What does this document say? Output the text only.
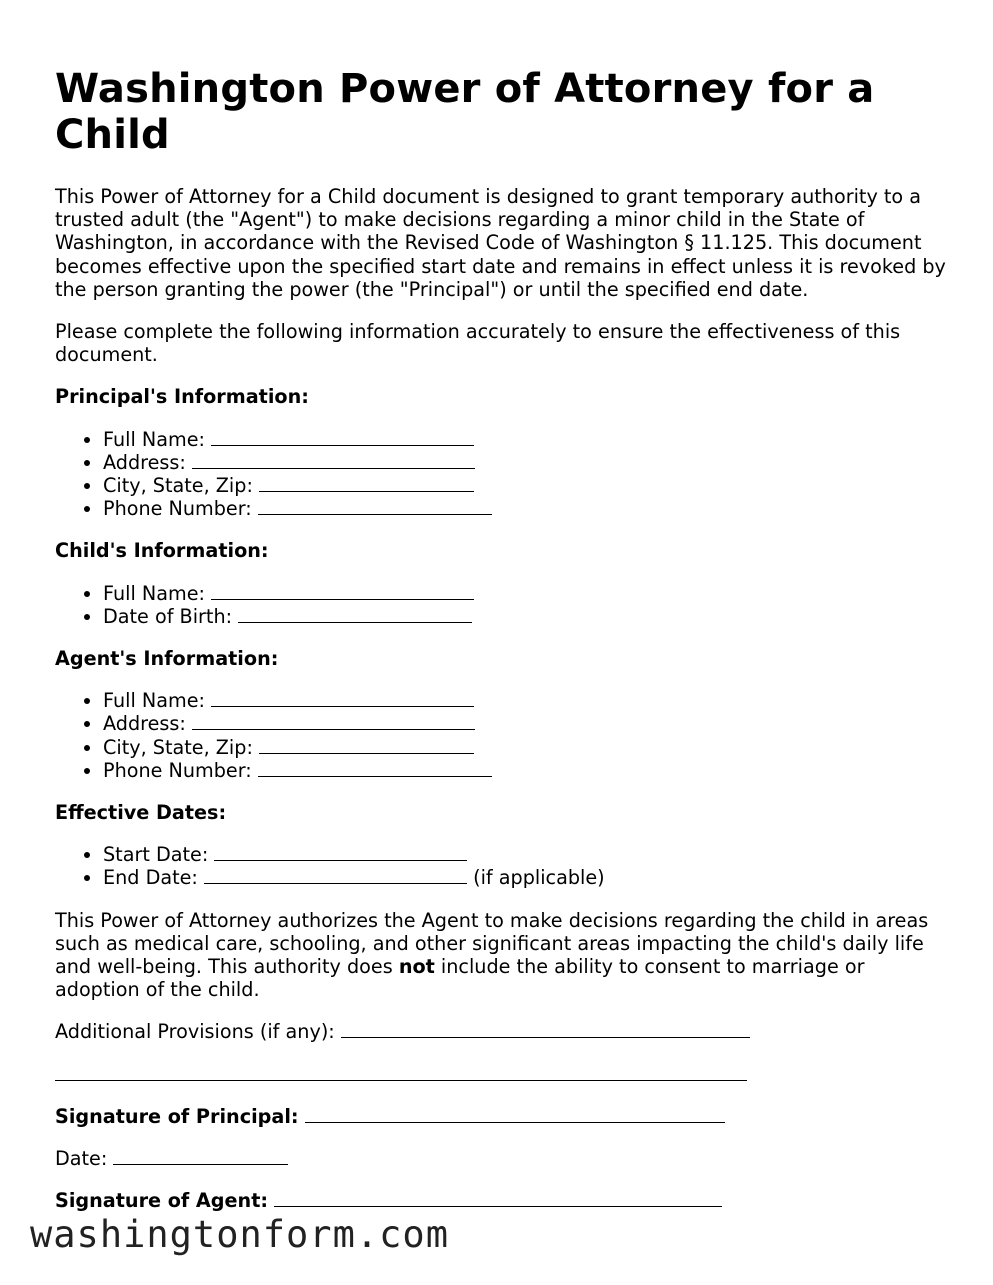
Washington Power of Attorney for a Child

This Power of Attorney for a Child document is designed to grant temporary authority to a trusted adult (the "Agent") to make decisions regarding a minor child in the State of Washington, in accordance with the Revised Code of Washington § 11.125. This document becomes effective upon the specified start date and remains in effect unless it is revoked by the person granting the power (the "Principal") or until the specified end date.

Please complete the following information accurately to ensure the effectiveness of this document.

Principal's Information:
• Full Name:
• Address:
• City, State, Zip:
• Phone Number:
Child's Information:
• Full Name:
• Date of Birth:
Agent's Information:
• Full Name:
• Address:
• City, State, Zip:
• Phone Number:
Effective Dates:
• Start Date:
• End Date:	(if applicable)

This Power of Attorney authorizes the Agent to make decisions regarding the child in areas such as medical care, schooling, and other significant areas impacting the child's daily life and well-being. This authority does not include the ability to consent to marriage or adoption of the child.

Additional Provisions (if any):
Signature of Principal:
Date:
Signature of Agent:
washingtonform.com
